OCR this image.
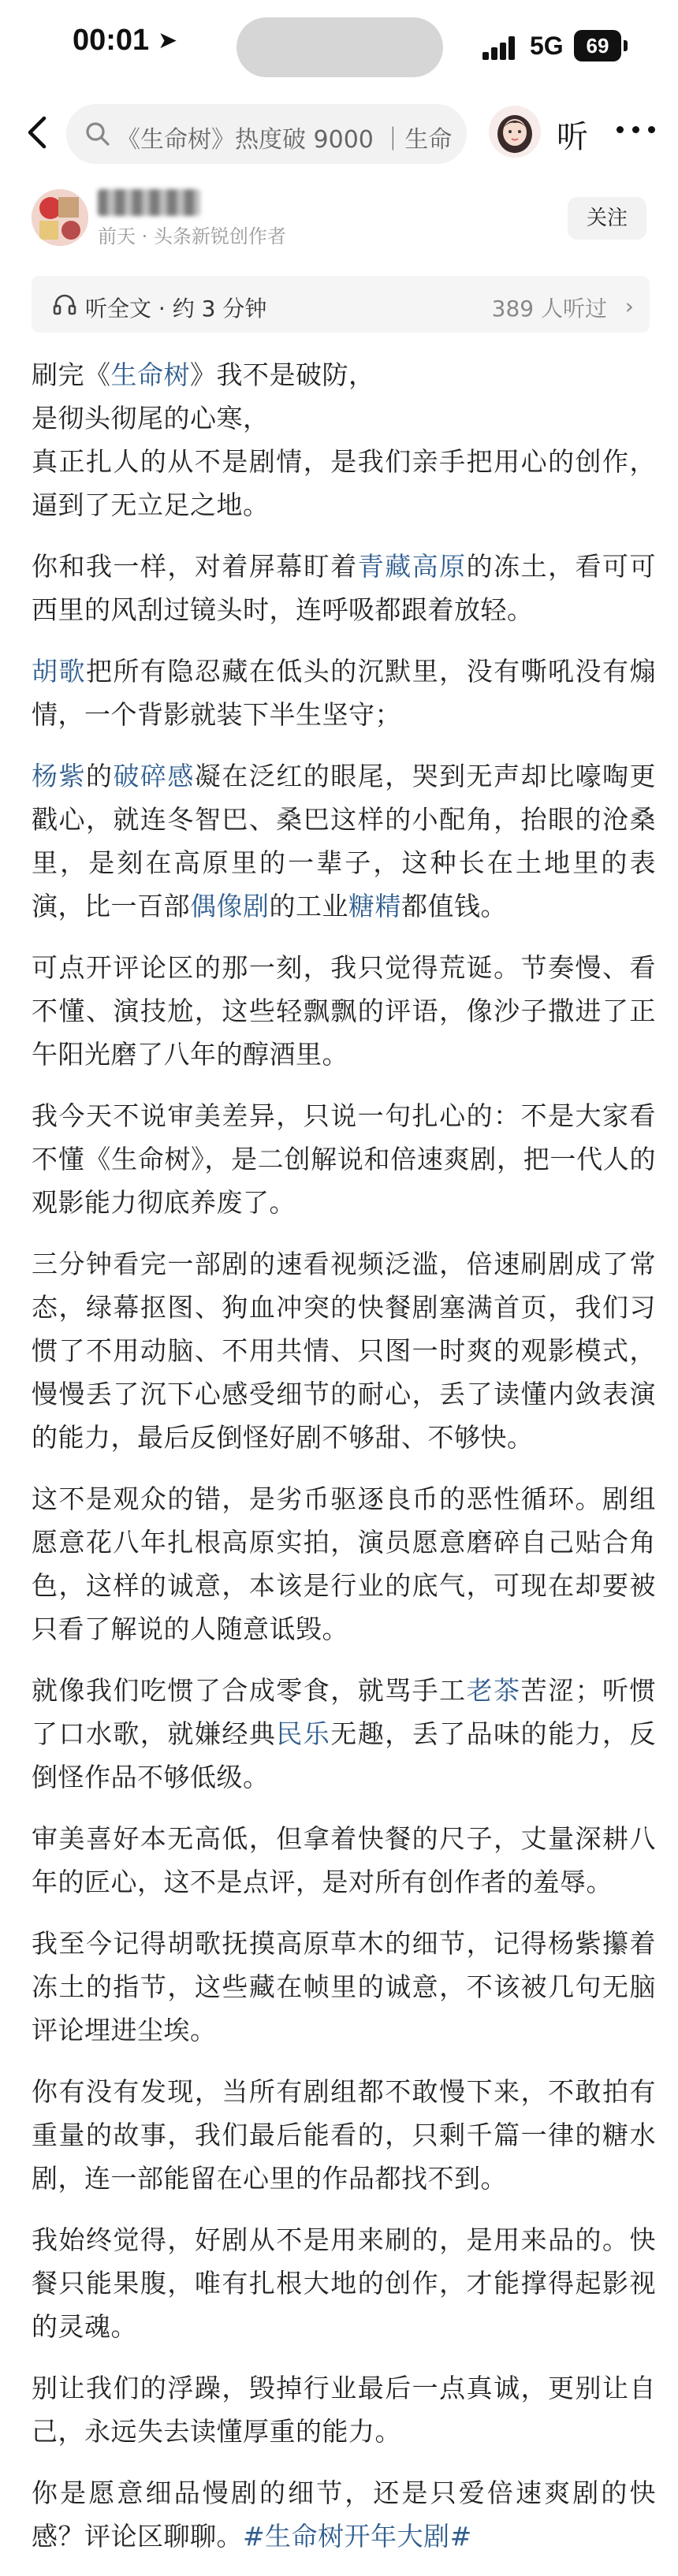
00:01 ➤	5G	69
《生命树》热度破 9000 ｜生命	听
前天 · 头条新锐创作者
关注
听全文 · 约 3 分钟	389 人听过 ›

刷完《生命树》我不是破防，
是彻头彻尾的心寒，
真正扎人的从不是剧情，是我们亲手把用心的创作，逼到了无立足之地。

你和我一样，对着屏幕盯着青藏高原的冻土，看可可西里的风刮过镜头时，连呼吸都跟着放轻。

胡歌把所有隐忍藏在低头的沉默里，没有嘶吼没有煽情，一个背影就装下半生坚守；

杨紫的破碎感凝在泛红的眼尾，哭到无声却比嚎啕更戳心，就连冬智巴、桑巴这样的小配角，抬眼的沧桑里，是刻在高原里的一辈子，这种长在土地里的表演，比一百部偶像剧的工业糖精都值钱。

可点开评论区的那一刻，我只觉得荒诞。节奏慢、看不懂、演技尬，这些轻飘飘的评语，像沙子撒进了正午阳光磨了八年的醇酒里。

我今天不说审美差异，只说一句扎心的：不是大家看不懂《生命树》，是二创解说和倍速爽剧，把一代人的观影能力彻底养废了。

三分钟看完一部剧的速看视频泛滥，倍速刷剧成了常态，绿幕抠图、狗血冲突的快餐剧塞满首页，我们习惯了不用动脑、不用共情、只图一时爽的观影模式，慢慢丢了沉下心感受细节的耐心，丢了读懂内敛表演的能力，最后反倒怪好剧不够甜、不够快。

这不是观众的错，是劣币驱逐良币的恶性循环。剧组愿意花八年扎根高原实拍，演员愿意磨碎自己贴合角色，这样的诚意，本该是行业的底气，可现在却要被只看了解说的人随意诋毁。

就像我们吃惯了合成零食，就骂手工老茶苦涩；听惯了口水歌，就嫌经典民乐无趣，丢了品味的能力，反倒怪作品不够低级。

审美喜好本无高低，但拿着快餐的尺子，丈量深耕八年的匠心，这不是点评，是对所有创作者的羞辱。

我至今记得胡歌抚摸高原草木的细节，记得杨紫攥着冻土的指节，这些藏在帧里的诚意，不该被几句无脑评论埋进尘埃。

你有没有发现，当所有剧组都不敢慢下来，不敢拍有重量的故事，我们最后能看的，只剩千篇一律的糖水剧，连一部能留在心里的作品都找不到。

我始终觉得，好剧从不是用来刷的，是用来品的。快餐只能果腹，唯有扎根大地的创作，才能撑得起影视的灵魂。

别让我们的浮躁，毁掉行业最后一点真诚，更别让自己，永远失去读懂厚重的能力。

你是愿意细品慢剧的细节，还是只爱倍速爽剧的快感？评论区聊聊。#生命树开年大剧#
